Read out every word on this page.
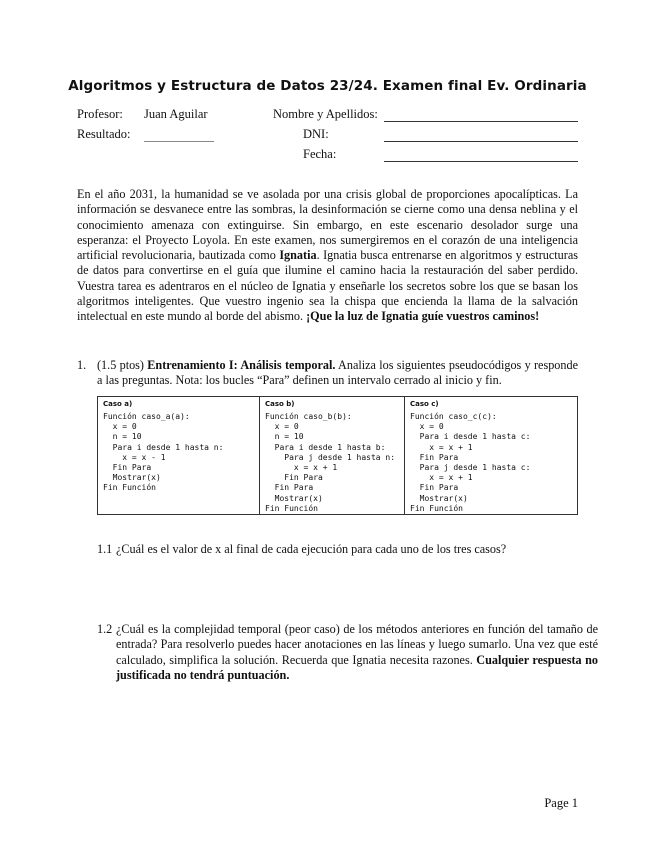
Algoritmos y Estructura de Datos 23/24. Examen final Ev. Ordinaria
Profesor: Juan Aguilar	Nombre y Apellidos:
Resultado:	DNI:
Fecha:
En el año 2031, la humanidad se ve asolada por una crisis global de proporciones apocalípticas. La información se desvanece entre las sombras, la desinformación se cierne como una densa neblina y el conocimiento amenaza con extinguirse. Sin embargo, en este escenario desolador surge una esperanza: el Proyecto Loyola. En este examen, nos sumergiremos en el corazón de una inteligencia artificial revolucionaria, bautizada como Ignatia. Ignatia busca entrenarse en algoritmos y estructuras de datos para convertirse en el guía que ilumine el camino hacia la restauración del saber perdido. Vuestra tarea es adentraros en el núcleo de Ignatia y enseñarle los secretos sobre los que se basan los algoritmos inteligentes. Que vuestro ingenio sea la chispa que encienda la llama de la salvación intelectual en este mundo al borde del abismo. ¡Que la luz de Ignatia guíe vuestros caminos!
1. (1.5 ptos) Entrenamiento I: Análisis temporal. Analiza los siguientes pseudocódigos y responde a las preguntas. Nota: los bucles “Para” definen un intervalo cerrado al inicio y fin.
Caso a)
Función caso_a(a):
x = 0
n = 10
Para i desde 1 hasta n:
x = x - 1
Fin Para
Mostrar(x)
Fin Función

Caso b)
Función caso_b(b):
x = 0
n = 10
Para i desde 1 hasta b:
Para j desde 1 hasta n:
x = x + 1
Fin Para
Fin Para
Mostrar(x)
Fin Función

Caso c)
Función caso_c(c):
x = 0
Para i desde 1 hasta c:
x = x + 1
Fin Para
Para j desde 1 hasta c:
x = x + 1
Fin Para
Mostrar(x)
Fin Función
1.1 ¿Cuál es el valor de x al final de cada ejecución para cada uno de los tres casos?
1.2 ¿Cuál es la complejidad temporal (peor caso) de los métodos anteriores en función del tamaño de entrada? Para resolverlo puedes hacer anotaciones en las líneas y luego sumarlo. Una vez que esté calculado, simplifica la solución. Recuerda que Ignatia necesita razones. Cualquier respuesta no justificada no tendrá puntuación.
Page 1
